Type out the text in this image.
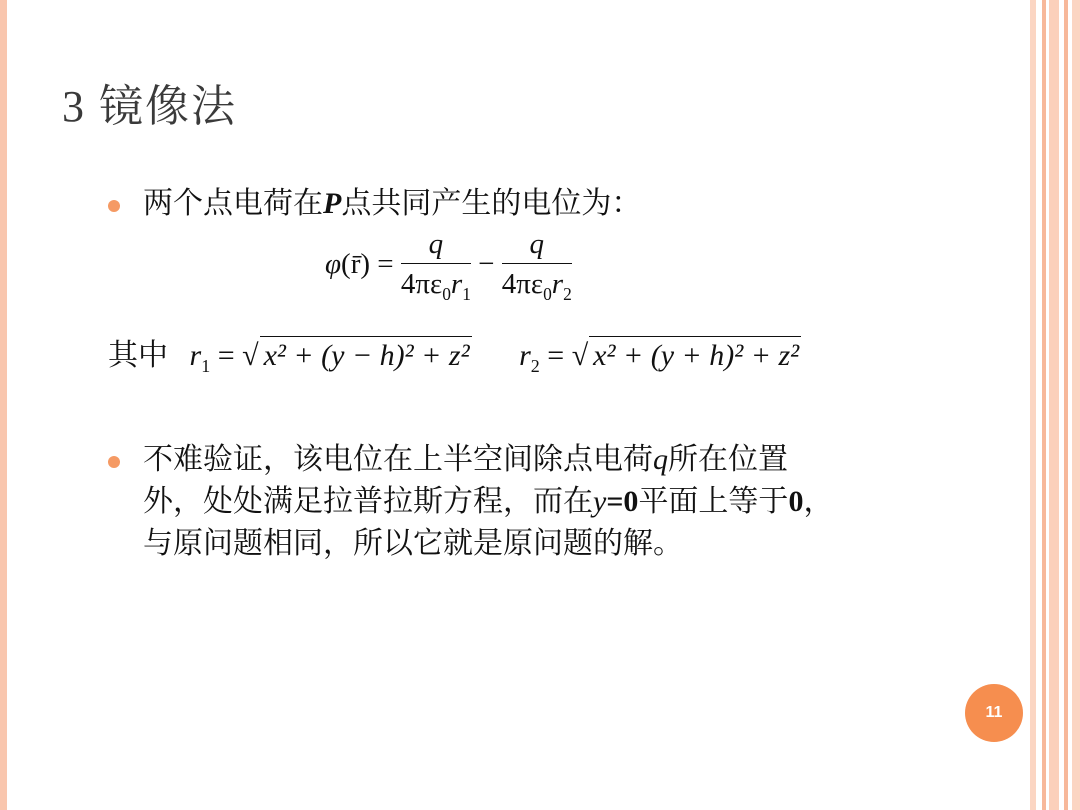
3 镜像法
两个点电荷在P点共同产生的电位为：
φ(r̄) = $\frac{q}{4\pi\varepsilon_0r_1} - \frac{q}{4\pi\varepsilon_0r_2}$
其中 $r_1$ = √ x² + (y − h)² + z² $r_2$ = √ x² + (y + h)² + z²
不难验证，该电位在上半空间除点电荷q所在位置
外，处处满足拉普拉斯方程，而在y=0平面上等于0，
与原问题相同，所以它就是原问题的解。
11
